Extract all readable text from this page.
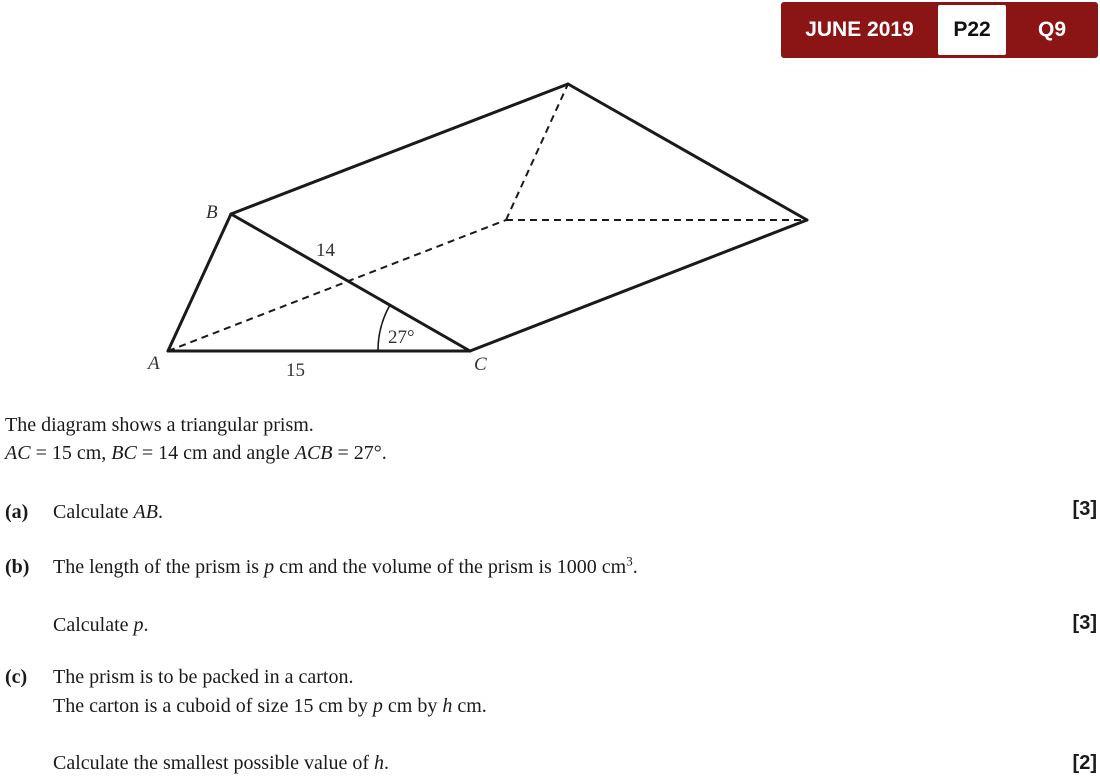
JUNE 2019	P22	Q9
A
B
C
14
15
27°
The diagram shows a triangular prism.
AC = 15 cm, BC = 14 cm and angle ACB = 27°.
(a) Calculate AB.	[3]
(b) The length of the prism is p cm and the volume of the prism is 1000 $cm^3$.
Calculate p.	[3]
(c) The prism is to be packed in a carton.
The carton is a cuboid of size 15 cm by p cm by h cm.
Calculate the smallest possible value of h.	[2]
